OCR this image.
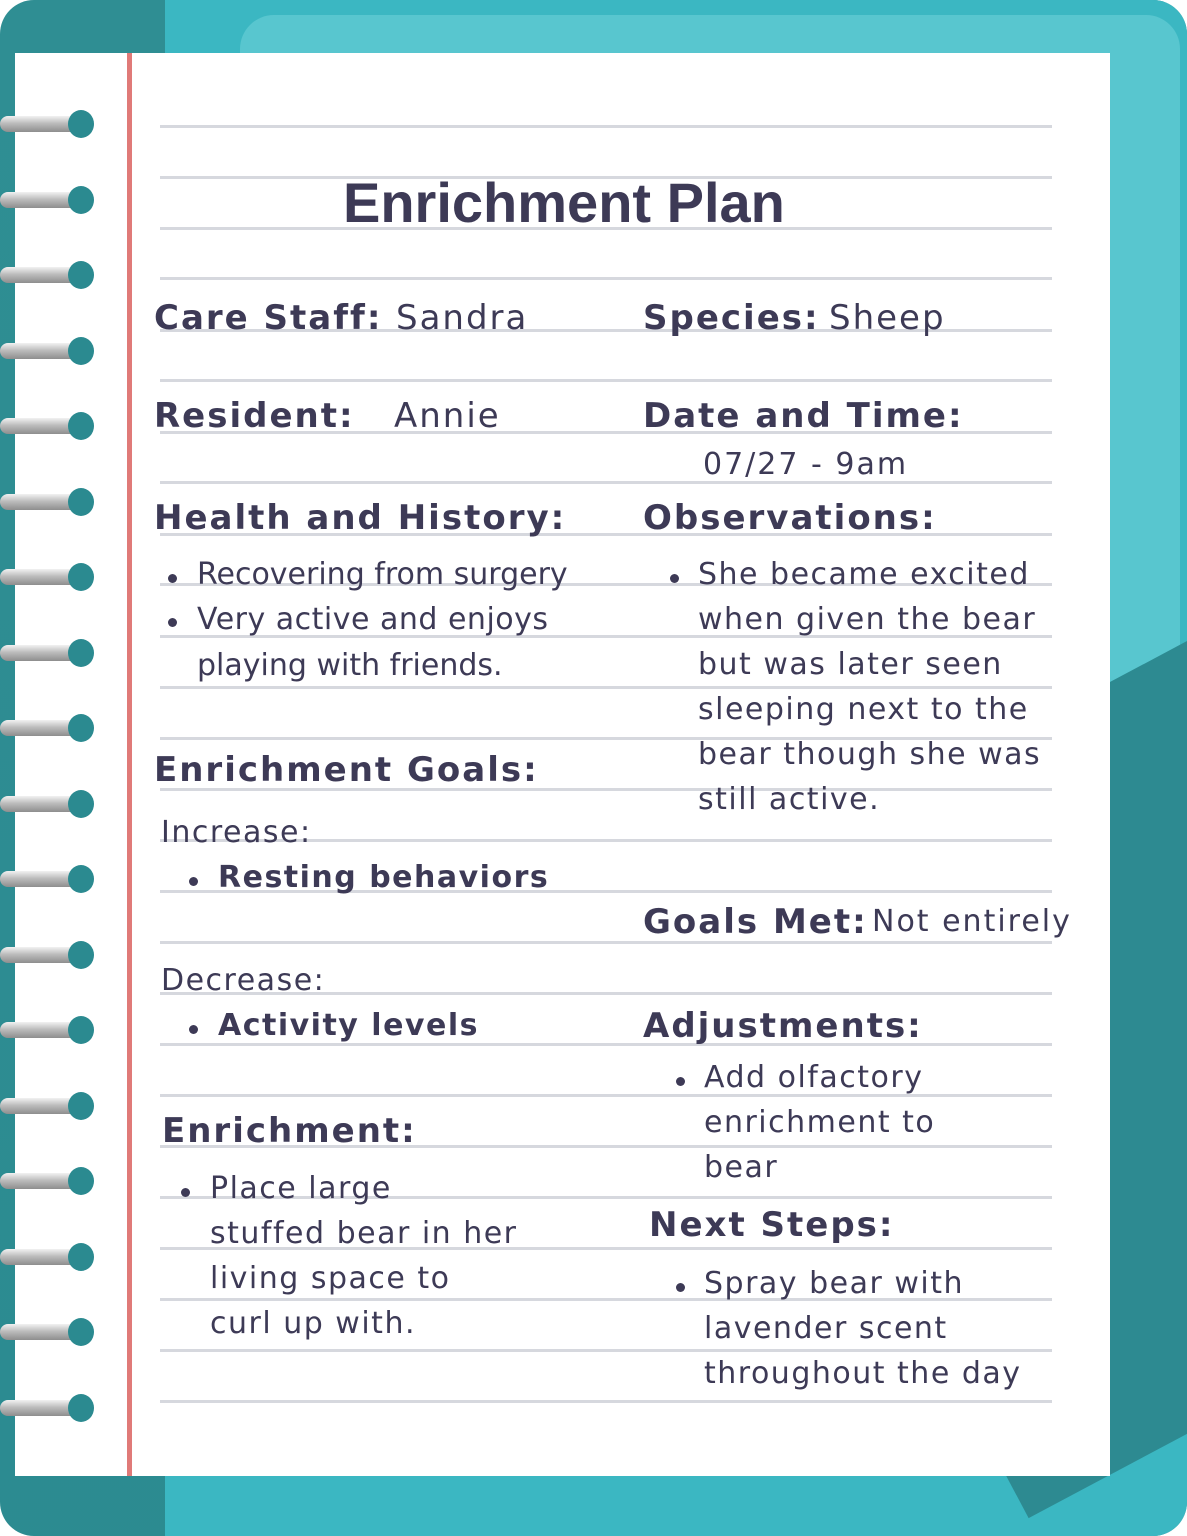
Enrichment Plan
Care Staff: Sandra	Species: Sheep
Resident: Annie	Date and Time:
07/27 - 9am
Health and History:
Recovering from surgery
Very active and enjoys
playing with friends.
Observations:
She became excited
when given the bear
but was later seen
sleeping next to the
bear though she was
still active.
Enrichment Goals:
Increase:
Resting behaviors
Decrease:
Activity levels
Goals Met: Not entirely
Adjustments:
Add olfactory
enrichment to
bear
Enrichment:
Place large
stuffed bear in her
living space to
curl up with.
Next Steps:
Spray bear with
lavender scent
throughout the day
